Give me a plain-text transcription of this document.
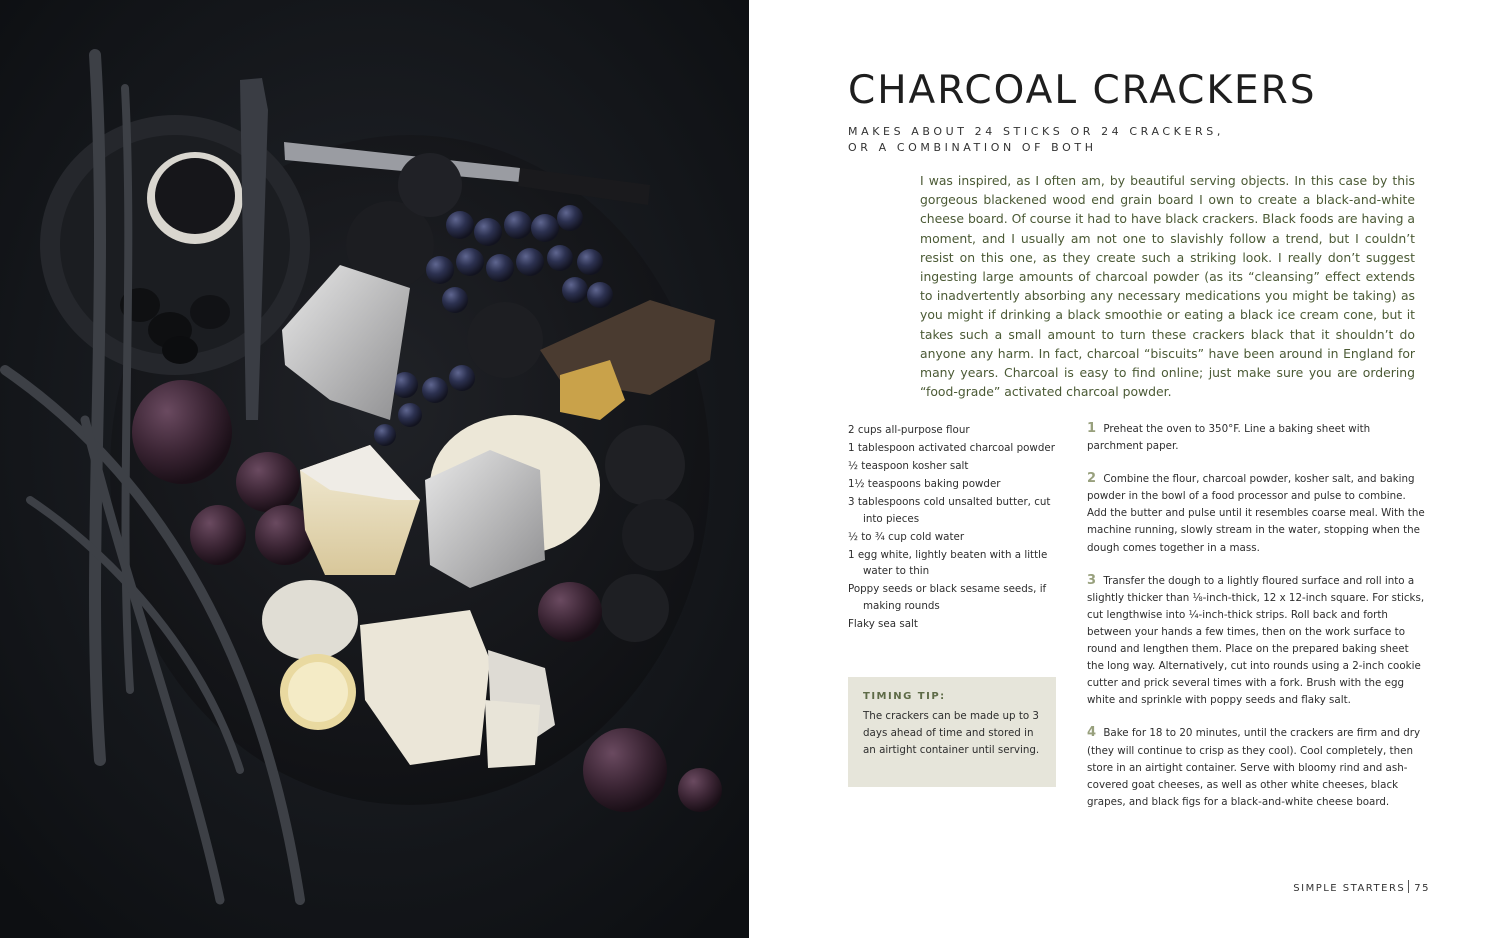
CHARCOAL CRACKERS
MAKES ABOUT 24 STICKS OR 24 CRACKERS,
OR A COMBINATION OF BOTH

I was inspired, as I often am, by beautiful serving objects. In this case by this gorgeous blackened wood end grain board I own to create a black-and-white cheese board. Of course it had to have black crackers. Black foods are having a moment, and I usually am not one to slavishly follow a trend, but I couldn’t resist on this one, as they create such a striking look. I really don’t suggest ingesting large amounts of charcoal powder (as its “cleansing” effect extends to inadvertently absorbing any necessary medications you might be taking) as you might if drinking a black smoothie or eating a black ice cream cone, but it takes such a small amount to turn these crackers black that it shouldn’t do anyone any harm. In fact, charcoal “biscuits” have been around in England for many years. Charcoal is easy to find online; just make sure you are ordering “food-grade” activated charcoal powder.

2 cups all-purpose flour
1 tablespoon activated charcoal powder
½ teaspoon kosher salt
1½ teaspoons baking powder
3 tablespoons cold unsalted butter, cut into pieces
½ to ¾ cup cold water
1 egg white, lightly beaten with a little water to thin
Poppy seeds or black sesame seeds, if making rounds
Flaky sea salt
TIMING TIP:
The crackers can be made up to 3 days ahead of time and stored in an airtight container until serving.

1 Preheat the oven to 350°F. Line a baking sheet with parchment paper.

2 Combine the flour, charcoal powder, kosher salt, and baking powder in the bowl of a food processor and pulse to combine. Add the butter and pulse until it resembles coarse meal. With the machine running, slowly stream in the water, stopping when the dough comes together in a mass.

3 Transfer the dough to a lightly floured surface and roll into a slightly thicker than ⅛-inch-thick, 12 x 12-inch square. For sticks, cut lengthwise into ¼-inch-thick strips. Roll back and forth between your hands a few times, then on the work surface to round and lengthen them. Place on the prepared baking sheet the long way. Alternatively, cut into rounds using a 2-inch cookie cutter and prick several times with a fork. Brush with the egg white and sprinkle with poppy seeds and flaky salt.

4 Bake for 18 to 20 minutes, until the crackers are firm and dry (they will continue to crisp as they cool). Cool completely, then store in an airtight container. Serve with bloomy rind and ash-covered goat cheeses, as well as other white cheeses, black grapes, and black figs for a black-and-white cheese board.

SIMPLE STARTERS 75
